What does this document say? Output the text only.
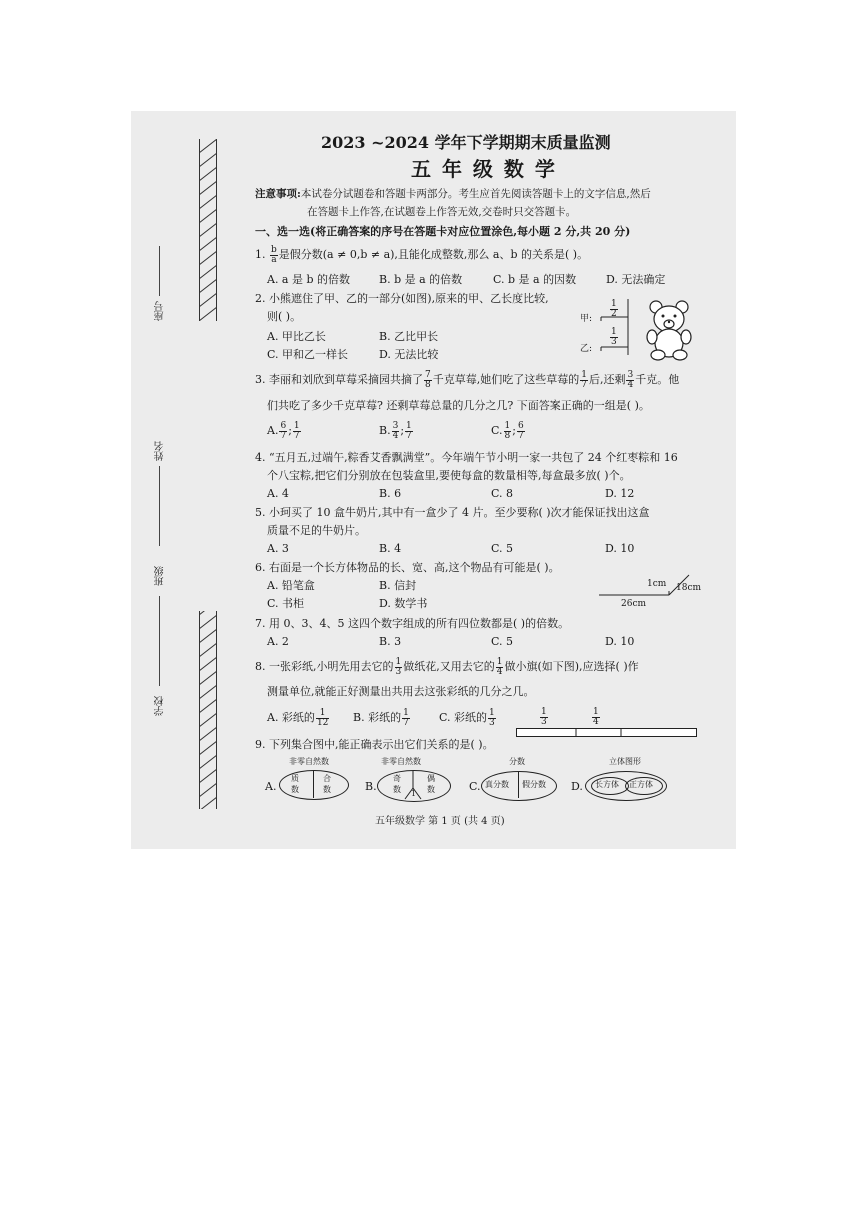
座号
姓名
班级
学校
2023 ~2024 学年下学期期末质量监测
五 年 级 数 学
注意事项:本试卷分试题卷和答题卡两部分。考生应首先阅读答题卡上的文字信息,然后
在答题卡上作答,在试题卷上作答无效,交卷时只交答题卡。
一、选一选(将正确答案的序号在答题卡对应位置涂色,每小题 2 分,共 20 分)
1. $\frac{b}{a}$ 是假分数(a ≠ 0,b ≠ a),且能化成整数,那么 a、b 的关系是( )。
A. a 是 b 的倍数	B. b 是 a 的倍数	C. b 是 a 的因数	D. 无法确定
2. 小熊遮住了甲、乙的一部分(如图),原来的甲、乙长度比较,
则( )。
A. 甲比乙长	B. 乙比甲长
C. 甲和乙一样长	D. 无法比较
甲:
乙:
$\frac{1}{2}$
$\frac{1}{3}$
3. 李丽和刘欣到草莓采摘园共摘了 $\frac{7}{8}$ 千克草莓,她们吃了这些草莓的 $\frac{1}{7}$ 后,还剩 $\frac{3}{4}$ 千克。他
们共吃了多少千克草莓? 还剩草莓总量的几分之几? 下面答案正确的一组是( )。
A. $\frac{6}{7}$ ; $\frac{1}{7}$	B. $\frac{3}{4}$ ; $\frac{1}{7}$	C. $\frac{1}{8}$ ; $\frac{6}{7}$
4. “五月五,过端午,粽香艾香飘满堂”。今年端午节小明一家一共包了 24 个红枣粽和 16
个八宝粽,把它们分别放在包装盒里,要使每盒的数量相等,每盒最多放( )个。
A. 4	B. 6	C. 8	D. 12
5. 小珂买了 10 盒牛奶片,其中有一盒少了 4 片。至少要称( )次才能保证找出这盒
质量不足的牛奶片。
A. 3	B. 4	C. 5	D. 10
6. 右面是一个长方体物品的长、宽、高,这个物品有可能是( )。
A. 铅笔盒	B. 信封
C. 书柜	D. 数学书
1cm 18cm
26cm
7. 用 0、3、4、5 这四个数字组成的所有四位数都是( )的倍数。
A. 2	B. 3	C. 5	D. 10
8. 一张彩纸,小明先用去它的 $\frac{1}{3}$ 做纸花,又用去它的 $\frac{1}{4}$ 做小旗(如下图),应选择( )作
测量单位,就能正好测量出共用去这张彩纸的几分之几。
A. 彩纸的 $\frac{1}{12} B$. 彩纸的 $\frac{1}{7}$	C. 彩纸的 $\frac{1}{3}$	$\frac{1}{3}$	$\frac{1}{4}$
9. 下列集合图中,能正确表示出它们关系的是( )。
A.
非零自然数
质
数
合
数	B.
非零自然数
奇
数
偶
数
1
C.
分数
真分数 假分数 D.
立体图形
长方体 正方体
五年级数学 第 1 页 (共 4 页)
